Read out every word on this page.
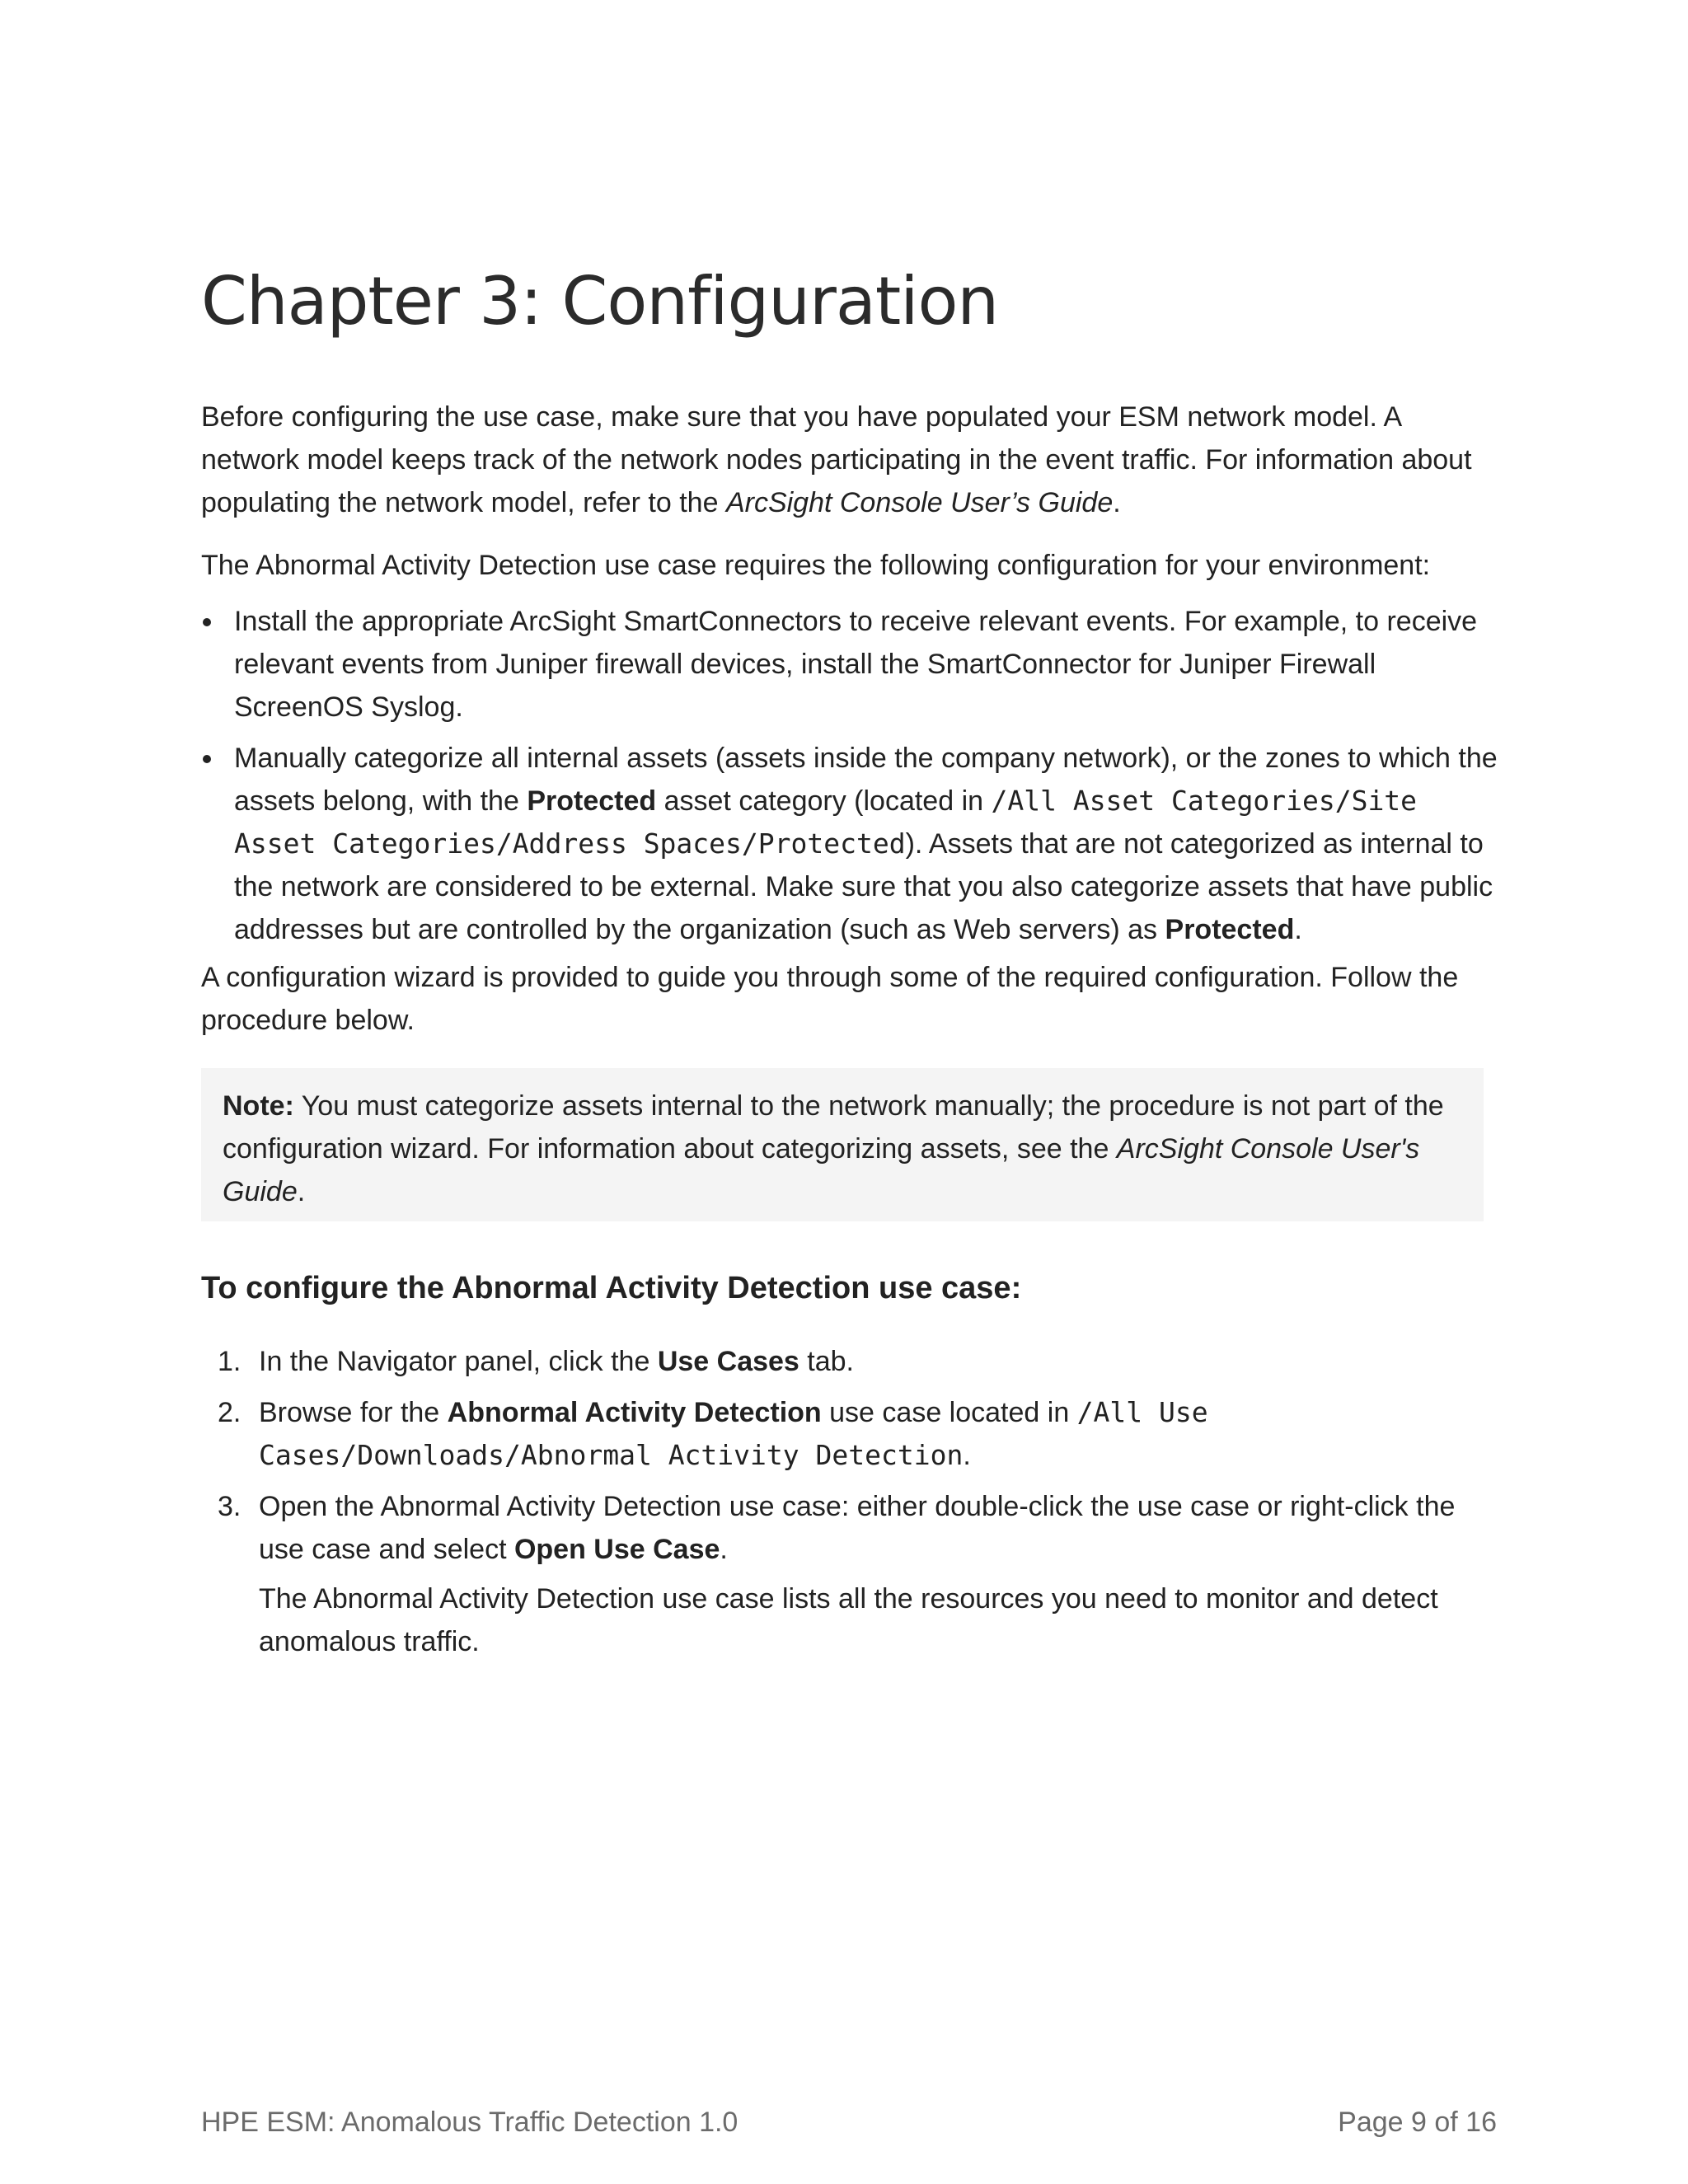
Chapter 3: Configuration

Before configuring the use case, make sure that you have populated your ESM network model. A network model keeps track of the network nodes participating in the event traffic. For information about populating the network model, refer to the ArcSight Console User’s Guide.

The Abnormal Activity Detection use case requires the following configuration for your environment:

Install the appropriate ArcSight SmartConnectors to receive relevant events. For example, to receive relevant events from Juniper firewall devices, install the SmartConnector for Juniper Firewall ScreenOS Syslog.
Manually categorize all internal assets (assets inside the company network), or the zones to which the assets belong, with the Protected asset category (located in /All Asset Categories/Site Asset Categories/Address Spaces/Protected). Assets that are not categorized as internal to the network are considered to be external. Make sure that you also categorize assets that have public addresses but are controlled by the organization (such as Web servers) as Protected.

A configuration wizard is provided to guide you through some of the required configuration. Follow the procedure below.

Note: You must categorize assets internal to the network manually; the procedure is not part of the configuration wizard. For information about categorizing assets, see the ArcSight Console User's Guide.
To configure the Abnormal Activity Detection use case:
1. In the Navigator panel, click the Use Cases tab.
2. Browse for the Abnormal Activity Detection use case located in /All Use Cases/Downloads/Abnormal Activity Detection.
3. Open the Abnormal Activity Detection use case: either double-click the use case or right-click the use case and select Open Use Case.
The Abnormal Activity Detection use case lists all the resources you need to monitor and detect anomalous traffic.
HPE ESM: Anomalous Traffic Detection 1.0	Page 9 of 16
